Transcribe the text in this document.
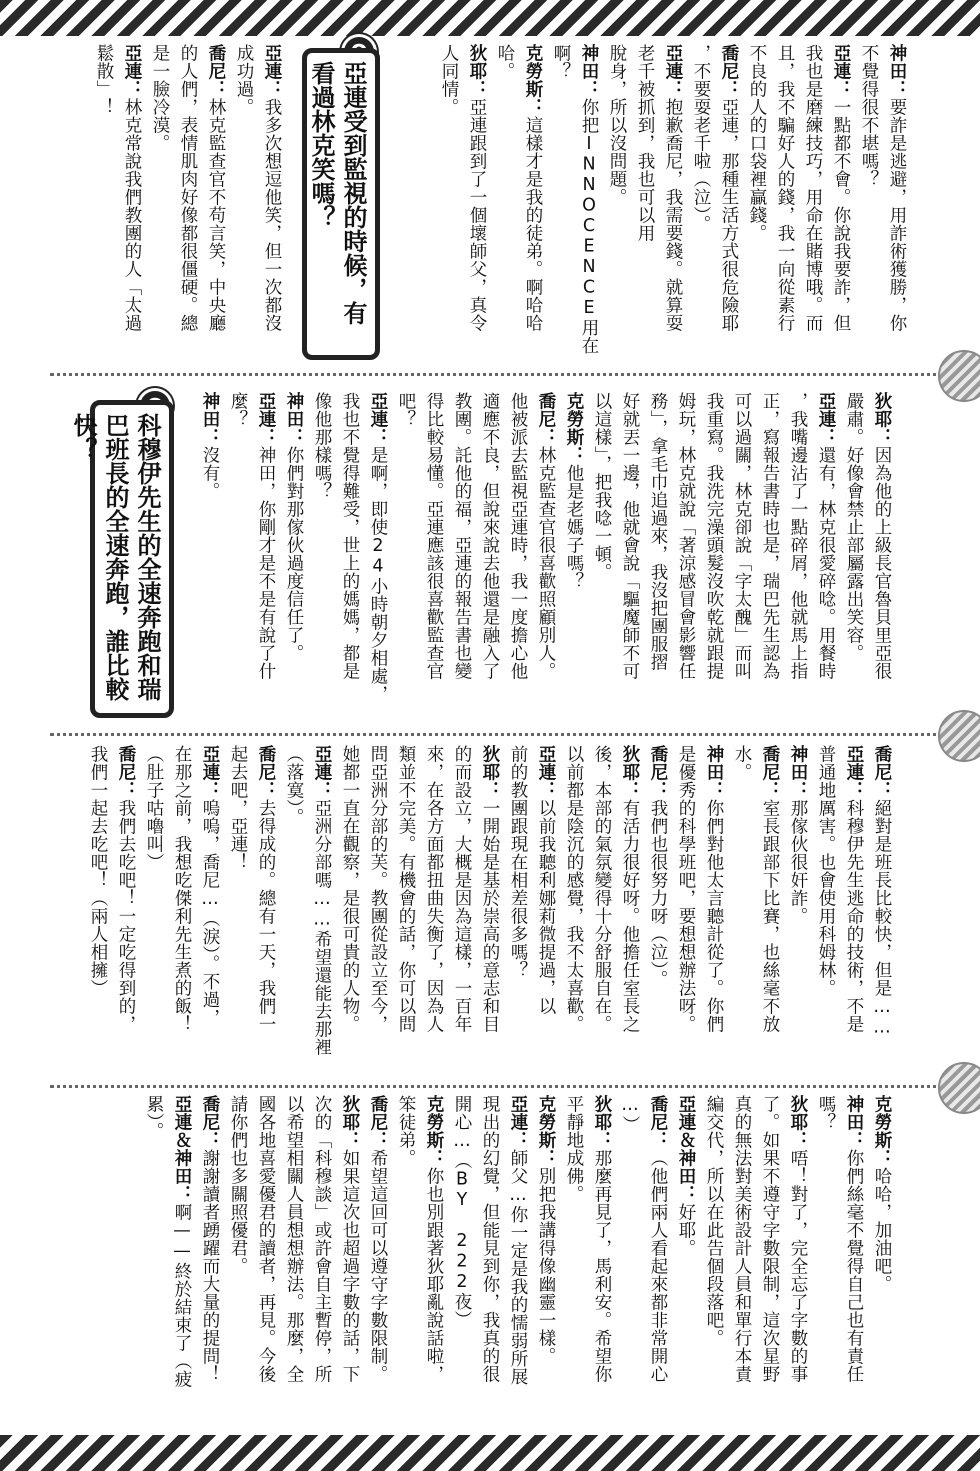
神田：要詐是逃避，用詐術獲勝，你
不覺得很不堪嗎？
亞連：一點都不會。你說我要詐，但
我也是磨練技巧，用命在賭博哦。而
且，我不騙好人的錢，我一向從素行
不良的人的口袋裡贏錢。
喬尼：亞連，那種生活方式很危險耶
，不要耍老千啦（泣）。
亞連：抱歉喬尼，我需要錢。就算耍
老千被抓到，我也可以用
脫身，所以沒問題。
神田：你把INNOCENCE用在
啊？
克勞斯：這樣才是我的徒弟。啊哈哈
哈。
狄耶：亞連跟到了一個壞師父，真令
人同情。
亞連受到監視的時候，有看過林克笑嗎？
亞連：我多次想逗他笑，但一次都沒
成功過。
喬尼：林克監查官不苟言笑，中央廳
的人們，表情肌肉好像都很僵硬。總
是一臉冷漠。
亞連：林克常說我們教團的人「太過
鬆散」！
狄耶：因為他的上級長官魯貝里亞很
嚴肅。好像會禁止部屬露出笑容。
亞連：還有，林克很愛碎唸。用餐時
，我嘴邊沾了一點碎屑，他就馬上指
正，寫報告書時也是，瑞巴先生認為
可以過關，林克卻說「字太醜」而叫
我重寫。我洗完澡頭髮沒吹乾就跟提
姆玩，林克就說「著涼感冒會影響任
務」，拿毛巾追過來，我沒把團服摺
好就丟一邊，他就會說「驅魔師不可
以這樣」，把我唸一頓。
克勞斯：他是老媽子嗎？
喬尼：林克監查官很喜歡照顧別人。
他被派去監視亞連時，我一度擔心他
適應不良，但說來說去他還是融入了
教團。託他的福，亞連的報告書也變
得比較易懂。亞連應該很喜歡監查官
吧？
亞連：是啊，即使24小時朝夕相處，
我也不覺得難受，世上的媽媽，都是
像他那樣嗎？
神田：你們對那傢伙過度信任了。
亞連：神田，你剛才是不是有說了什
麼？
神田：沒有。
科穆伊先生的全速奔跑和瑞巴班長的全速奔跑，誰比較快？
喬尼：絕對是班長比較快，但是……
亞連：科穆伊先生逃命的技術，不是
普通地厲害。也會使用科姆林。
神田：那傢伙很奸詐。
喬尼：室長跟部下比賽，也絲毫不放
水。
神田：你們對他太言聽計從了。你們
是優秀的科學班吧，要想想辦法呀。
喬尼：我們也很努力呀（泣）。
狄耶：有活力很好呀。他擔任室長之
後，本部的氣氛變得十分舒服自在。
以前都是陰沉的感覺，我不太喜歡。
亞連：以前我聽利娜莉微提過，以
前的教團跟現在相差很多嗎？
狄耶：一開始是基於崇高的意志和目
的而設立，大概是因為這樣，一百年
來，在各方面都扭曲失衡了，因為人
類並不完美。有機會的話，你可以問
問亞洲分部的芙。教團從設立至今，
她都一直在觀察，是很可貴的人物。
亞連：亞洲分部嗎……希望還能去那裡
（落寞）。
喬尼：去得成的。總有一天，我們一
起去吧，亞連！
亞連：嗚嗚，喬尼…（淚）。不過，
在那之前，我想吃傑利先生煮的飯！
（肚子咕嚕叫）
喬尼：我們去吃吧！一定吃得到的，
我們一起去吃吧！（兩人相擁）
克勞斯：哈哈，加油吧。
神田：你們絲毫不覺得自己也有責任
嗎？
狄耶：唔！對了，完全忘了字數的事
了。如果不遵守字數限制，這次星野
真的無法對美術設計人員和單行本責
編交代，所以在此告個段落吧。
亞連＆神田：好耶。
喬尼：（他們兩人看起來都非常開心
…）
狄耶：那麼再見了，馬利安。希望你
平靜地成佛。
克勞斯：別把我講得像幽靈一樣。
亞連：師父…你一定是我的懦弱所展
現出的幻覺，但能見到你，我真的很
開心…（BY 222夜）
克勞斯：你也別跟著狄耶亂說話啦，
笨徒弟。
喬尼：希望這回可以遵守字數限制。
狄耶：如果這次也超過字數的話，下
次的「科穆談」或許會自主暫停，所
以希望相關人員想想辦法。那麼，全
國各地喜愛優君的讀者，再見。今後
請你們也多關照優君。
喬尼：謝謝讀者踴躍而大量的提問！
亞連＆神田：啊——終於結束了（疲
累）。
